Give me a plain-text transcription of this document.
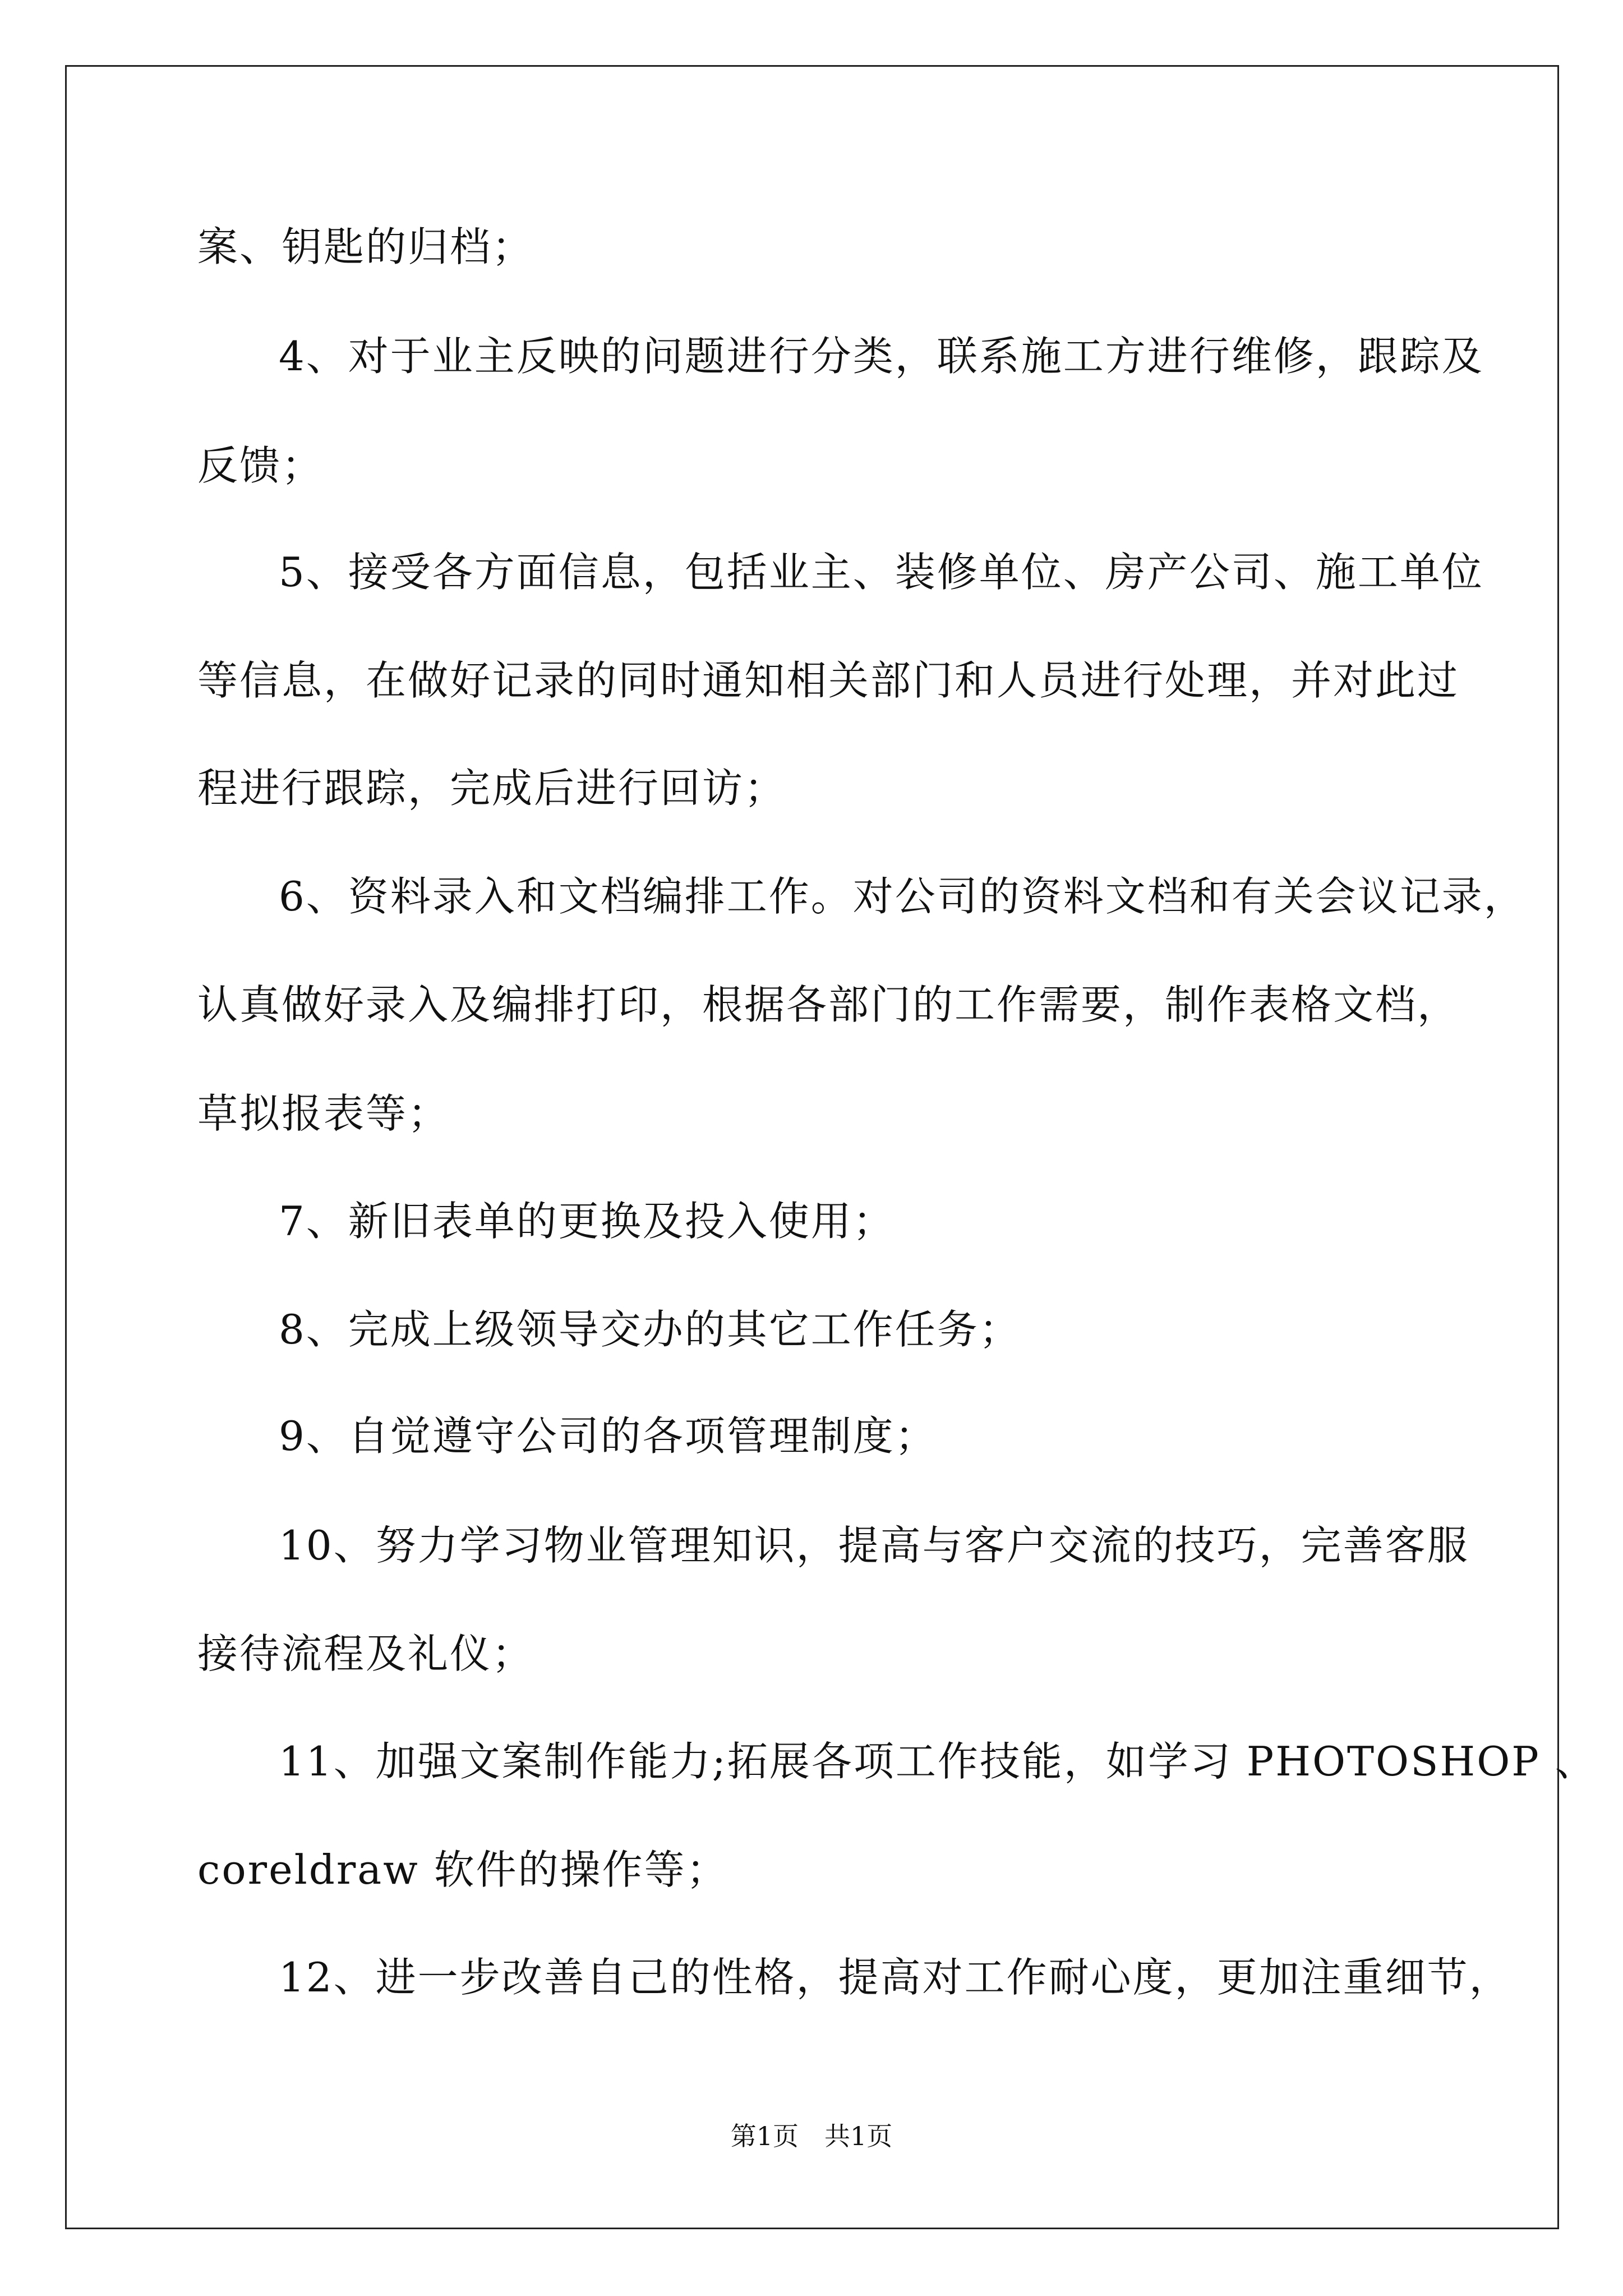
案、钥匙的归档；
4、对于业主反映的问题进行分类，联系施工方进行维修，跟踪及
反馈；
5、接受各方面信息，包括业主、装修单位、房产公司、施工单位
等信息，在做好记录的同时通知相关部门和人员进行处理，并对此过
程进行跟踪，完成后进行回访；
6、资料录入和文档编排工作。对公司的资料文档和有关会议记录，
认真做好录入及编排打印，根据各部门的工作需要，制作表格文档，
草拟报表等；
7、新旧表单的更换及投入使用；
8、完成上级领导交办的其它工作任务；
9、自觉遵守公司的各项管理制度；
10、努力学习物业管理知识，提高与客户交流的技巧，完善客服
接待流程及礼仪；
11、加强文案制作能力;拓展各项工作技能，如学习 PHOTOSHOP 、
coreldraw 软件的操作等；
12、进一步改善自己的性格，提高对工作耐心度，更加注重细节，
第1页　共1页
